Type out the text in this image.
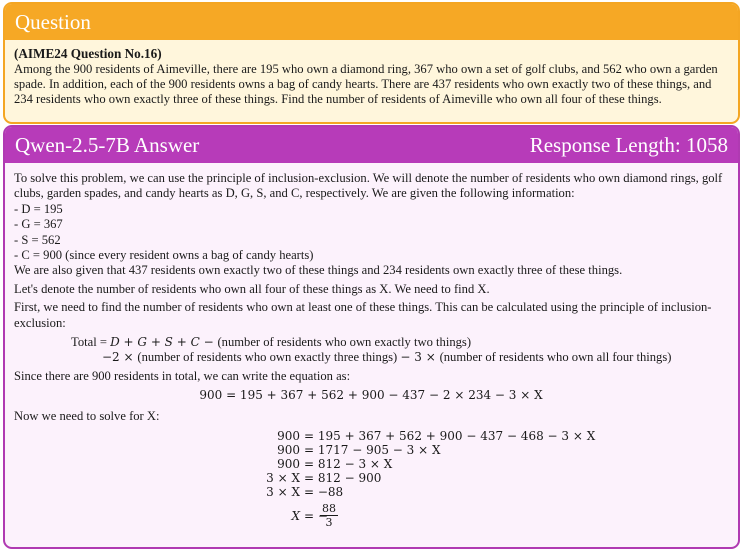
Question
(AIME24 Question No.16)
Among the 900 residents of Aimeville, there are 195 who own a diamond ring, 367 who own a set of golf clubs, and 562 who own a garden spade. In addition, each of the 900 residents owns a bag of candy hearts. There are 437 residents who own exactly two of these things, and 234 residents who own exactly three of these things. Find the number of residents of Aimeville who own all four of these things.
Qwen-2.5-7B Answer	Response Length: 1058

To solve this problem, we can use the principle of inclusion-exclusion. We will denote the number of residents who own diamond rings, golf clubs, garden spades, and candy hearts as D, G, S, and C, respectively. We are given the following information:

- D = 195

- G = 367

- S = 562

- C = 900 (since every resident owns a bag of candy hearts)

We are also given that 437 residents own exactly two of these things and 234 residents own exactly three of these things.

Let's denote the number of residents who own all four of these things as X. We need to find X.

First, we need to find the number of residents who own at least one of these things. This can be calculated using the principle of inclusion-exclusion:

Total = D + G + S + C − (number of residents who own exactly two things)
−2 × (number of residents who own exactly three things) − 3 × (number of residents who own all four things)

Since there are 900 residents in total, we can write the equation as:

900 = 195 + 367 + 562 + 900 − 437 − 2 × 234 − 3 × X

Now we need to solve for X:

900 = 195 + 367 + 562 + 900 − 437 − 468 − 3 × X
900 = 1717 − 905 − 3 × X
900 = 812 − 3 × X
3 × X = 812 − 900
3 × X = −88
X = −
$\frac{88}{3}$
